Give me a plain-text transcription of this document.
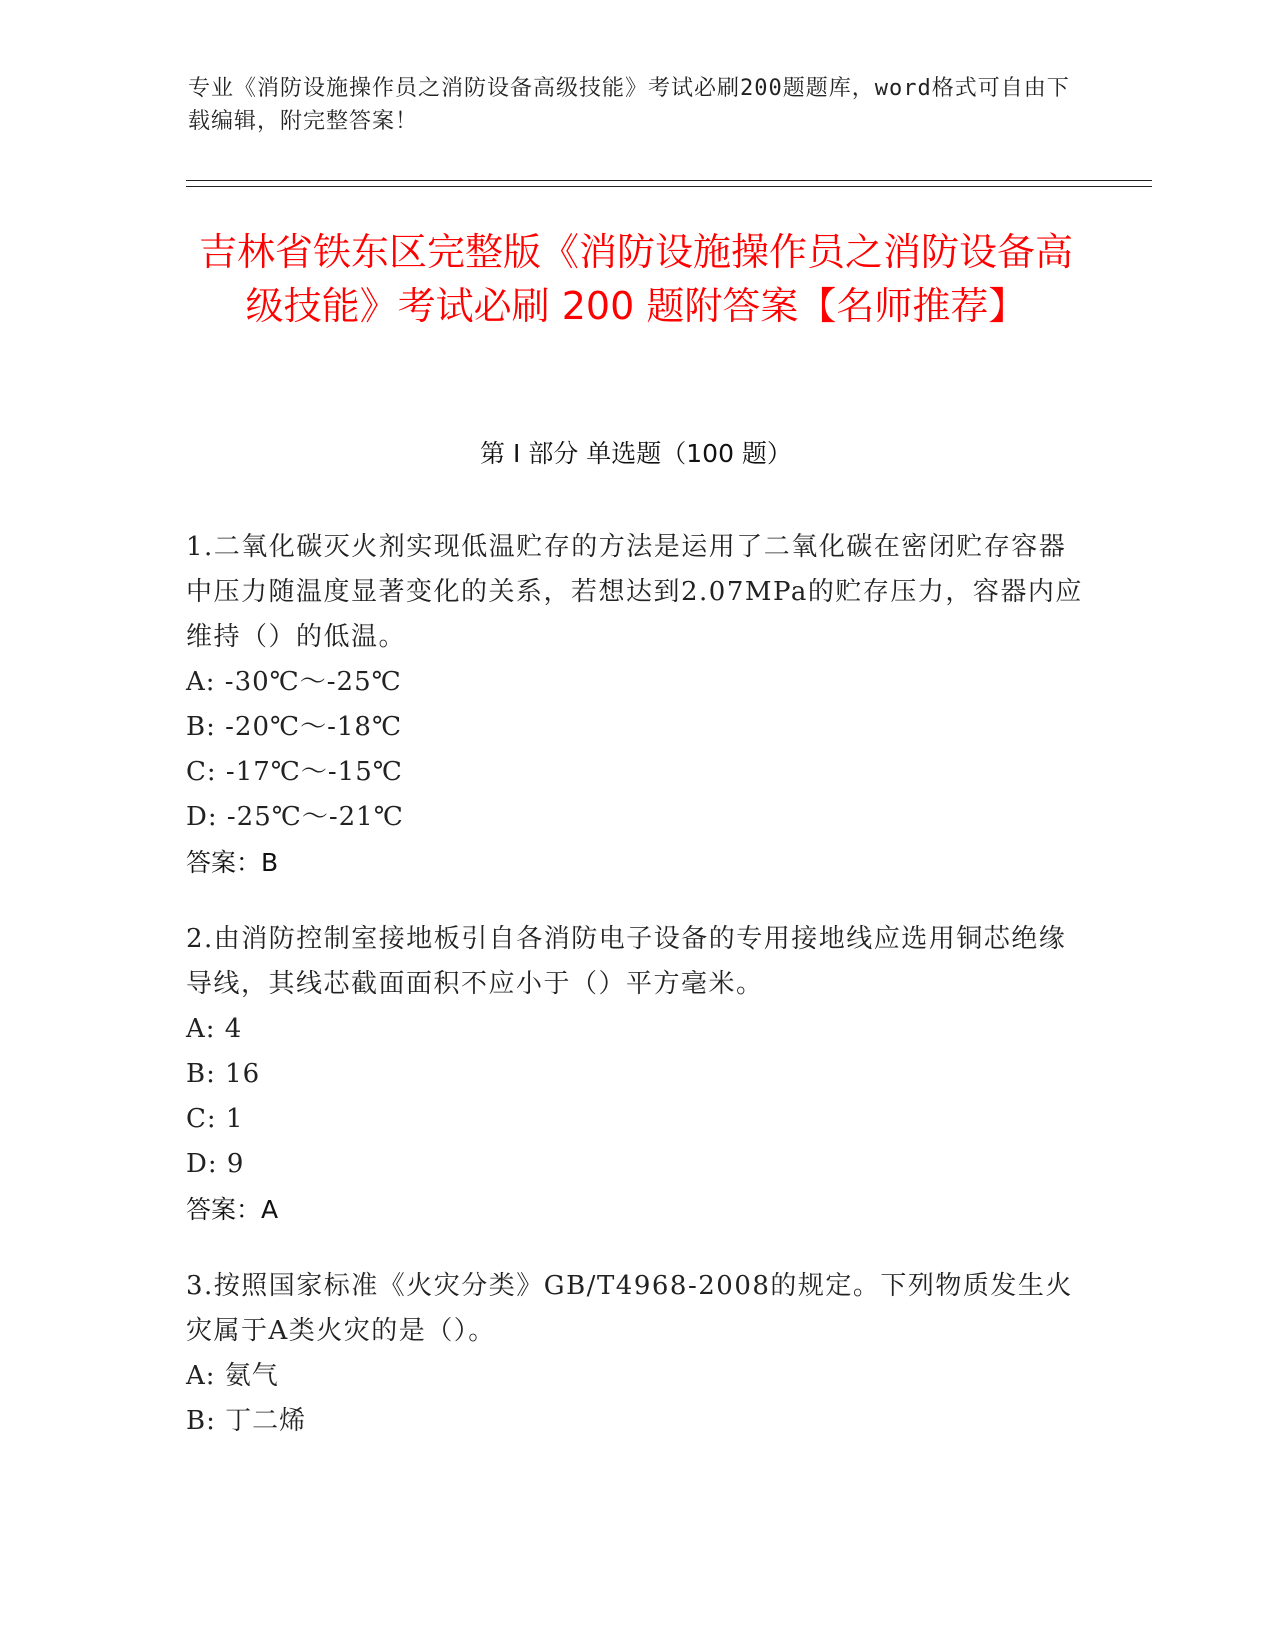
专业《消防设施操作员之消防设备高级技能》考试必刷200题题库，word格式可自由下载编辑，附完整答案！
吉林省铁东区完整版《消防设施操作员之消防设备高级技能》考试必刷 200 题附答案【名师推荐】
第 I 部分 单选题（100 题）
1.二氧化碳灭火剂实现低温贮存的方法是运用了二氧化碳在密闭贮存容器中压力随温度显著变化的关系，若想达到2.07MPa的贮存压力，容器内应维持（）的低温。
A: -30℃～-25℃
B: -20℃～-18℃
C: -17℃～-15℃
D: -25℃～-21℃
答案：B
2.由消防控制室接地板引自各消防电子设备的专用接地线应选用铜芯绝缘导线，其线芯截面面积不应小于（）平方毫米。
A: 4
B: 16
C: 1
D: 9
答案：A
3.按照国家标准《火灾分类》GB/T4968-2008的规定。下列物质发生火灾属于A类火灾的是（）。
A: 氨气
B: 丁二烯
